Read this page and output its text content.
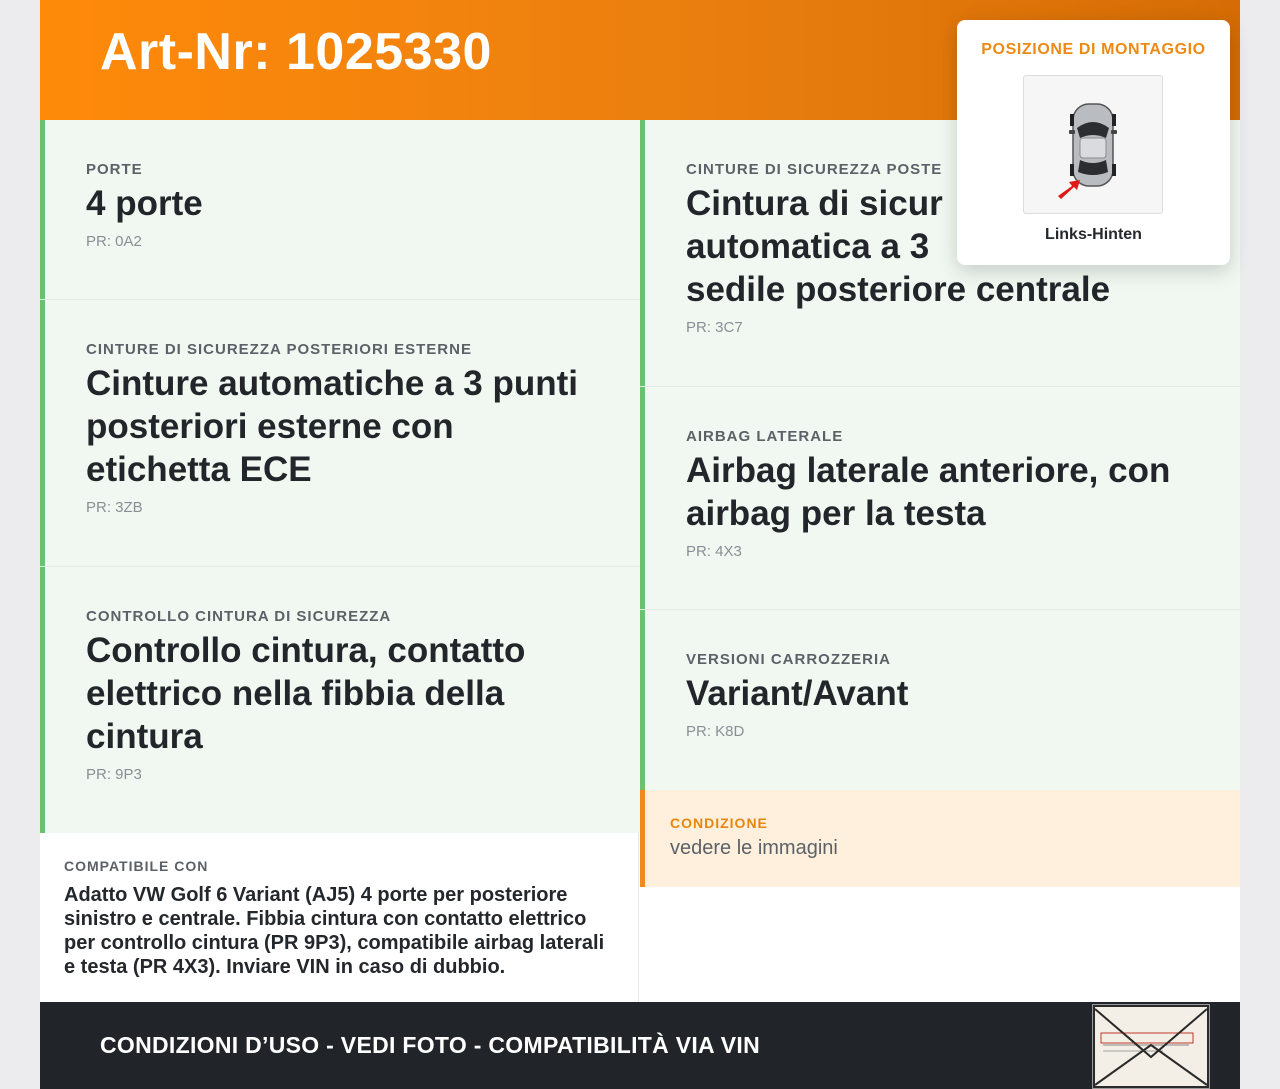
Art-Nr: 1025330
PORTE
4 porte
PR: 0A2
CINTURE DI SICUREZZA POSTERIORI ESTERNE
Cinture automatiche a 3 punti posteriori esterne con etichetta ECE
PR: 3ZB
CONTROLLO CINTURA DI SICUREZZA
Controllo cintura, contatto elettrico nella fibbia della cintura
PR: 9P3
CINTURE DI SICUREZZA POSTE
Cintura di sicur
automatica a 3
sedile posteriore centrale
PR: 3C7
AIRBAG LATERALE
Airbag laterale anteriore, con airbag per la testa
PR: 4X3
VERSIONI CARROZZERIA
Variant/Avant
PR: K8D
CONDIZIONE
vedere le immagini
COMPATIBILE CON
Adatto VW Golf 6 Variant (AJ5) 4 porte per posteriore sinistro e centrale. Fibbia cintura con contatto elettrico per controllo cintura (PR 9P3), compatibile airbag laterali e testa (PR 4X3). Inviare VIN in caso di dubbio.
CONDIZIONI D’USO - VEDI FOTO - COMPATIBILITÀ VIA VIN
POSIZIONE DI MONTAGGIO
Links-Hinten
